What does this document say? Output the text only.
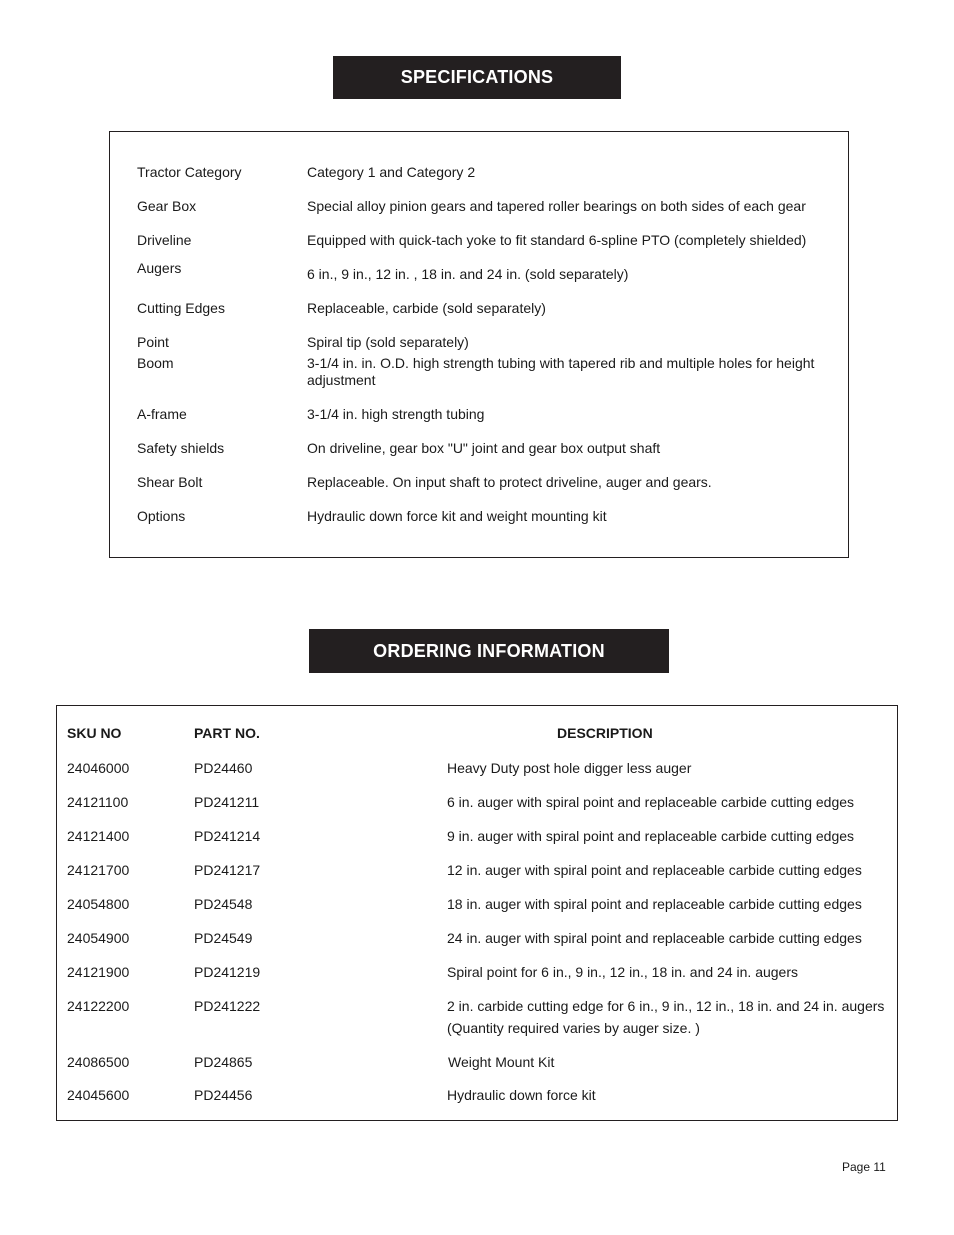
SPECIFICATIONS
Tractor Category	Category 1 and Category 2
Gear Box	Special alloy pinion gears and tapered roller bearings on both sides of each gear
Driveline	Equipped with quick-tach yoke to fit standard 6-spline PTO (completely shielded)
Augers	6 in., 9 in., 12 in. , 18 in. and 24 in. (sold separately)
Cutting Edges	Replaceable, carbide (sold separately)
Point	Spiral tip (sold separately)
Boom	3-1/4 in. in. O.D. high strength tubing with tapered rib and multiple holes for height adjustment
A-frame	3-1/4 in. high strength tubing
Safety shields	On driveline, gear box "U" joint and gear box output shaft
Shear Bolt	Replaceable. On input shaft to protect driveline, auger and gears.
Options	Hydraulic down force kit and weight mounting kit
ORDERING INFORMATION
SKU NO	PART NO.	DESCRIPTION
24046000	PD24460	Heavy Duty post hole digger less auger
24121100	PD241211	6 in. auger with spiral point and replaceable carbide cutting edges
24121400	PD241214	9 in. auger with spiral point and replaceable carbide cutting edges
24121700	PD241217	12 in. auger with spiral point and replaceable carbide cutting edges
24054800	PD24548	18 in. auger with spiral point and replaceable carbide cutting edges
24054900	PD24549	24 in. auger with spiral point and replaceable carbide cutting edges
24121900	PD241219	Spiral point for 6 in., 9 in., 12 in., 18 in. and 24 in. augers
24122200	PD241222	2 in. carbide cutting edge for 6 in., 9 in., 12 in., 18 in. and 24 in. augers
(Quantity required varies by auger size. )
24086500	PD24865	Weight Mount Kit
24045600	PD24456	Hydraulic down force kit
Page 11
